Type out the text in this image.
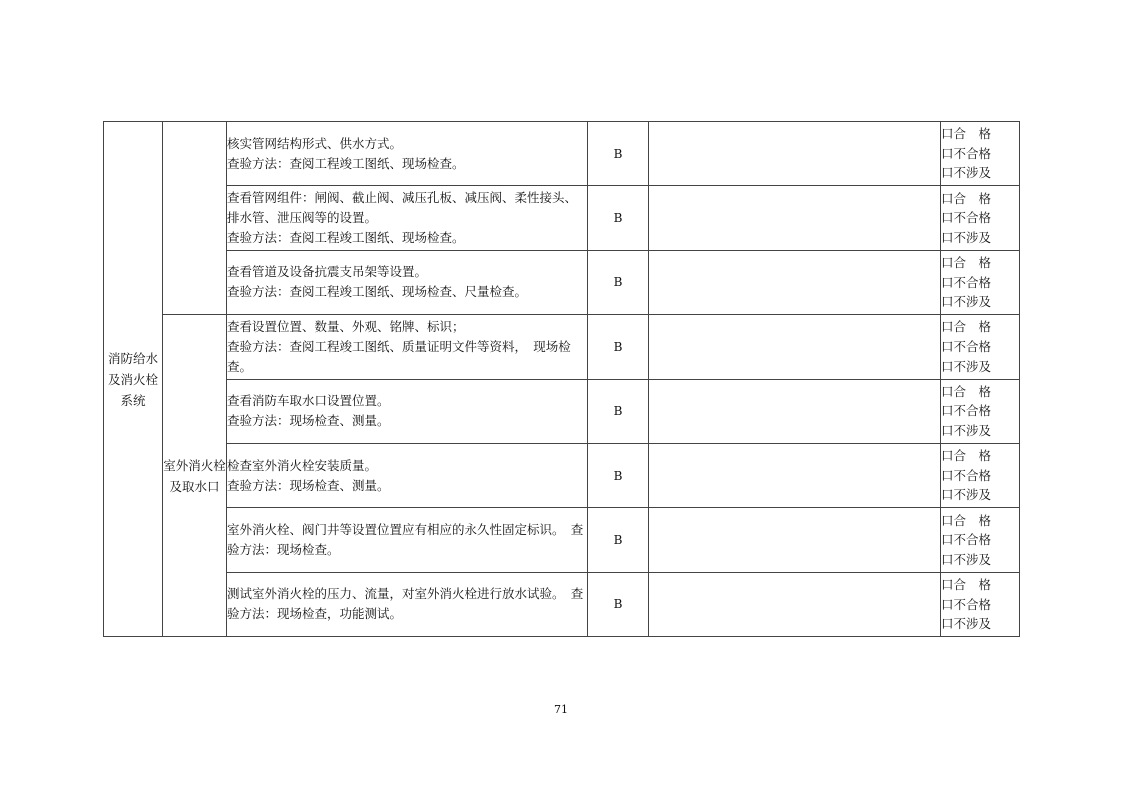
消防给水及消火栓系统		核实管网结构形式、供水方式。
查验方法：查阅工程竣工图纸、现场检查。	B		口合　格
口不合格
口不涉及

		查看管网组件：闸阀、截止阀、减压孔板、减压阀、柔性接头、排水管、泄压阀等的设置。
查验方法：查阅工程竣工图纸、现场检查。	B		口合　格
口不合格
口不涉及

		查看管道及设备抗震支吊架等设置。
查验方法：查阅工程竣工图纸、现场检查、尺量检查。	B		口合　格
口不合格
口不涉及

	室外消火栓及取水口	查看设置位置、数量、外观、铭牌、标识；
查验方法：查阅工程竣工图纸、质量证明文件等资料，　现场检查。	B		口合　格
口不合格
口不涉及

		查看消防车取水口设置位置。
查验方法：现场检查、测量。	B		口合　格
口不合格
口不涉及

		检查室外消火栓安装质量。
查验方法：现场检查、测量。	B		口合　格
口不合格
口不涉及

		室外消火栓、阀门井等设置位置应有相应的永久性固定标识。　查验方法：现场检查。	B		口合　格
口不合格
口不涉及

		测试室外消火栓的压力、流量，对室外消火栓进行放水试验。　查验方法：现场检查，功能测试。	B		口合　格
口不合格
口不涉及
71
